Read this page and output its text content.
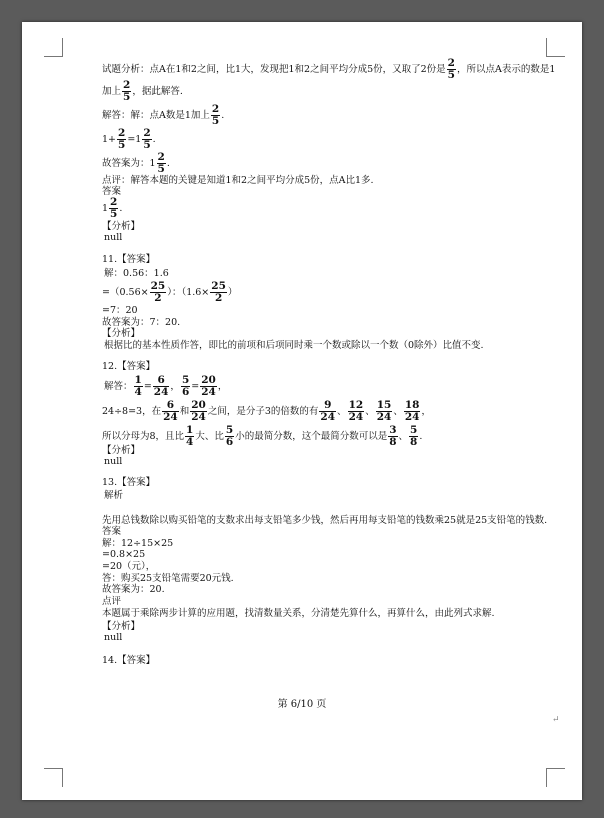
试题分析：点A在1和2之间，比1大，发现把1和2之间平均分成5份，又取了2份是 $\frac{2}{5}$ ，所以点A表示的数是1
加上 $\frac{2}{5}$ ，据此解答.
解答：解：点A数是1加上 $\frac{2}{5}$ .
$1+ \frac{2}{5} =1 \frac{2}{5}$ .
故答案为：$1 \frac{2}{5}$ .
点评：解答本题的关键是知道1和2之间平均分成5份，点A比1多.
答案
$1 \frac{2}{5}$ .
【分析】
null
11.【答案】
解：0.56：1.6
$=(0.56\times \frac{25}{2}$ ）：（$1.6\times \frac{25}{2}$ ）
=7：20
故答案为：7：20.
【分析】
根据比的基本性质作答，即比的前项和后项同时乘一个数或除以一个数（0除外）比值不变.
12.【答案】
解答： $\frac{1}{4} = \frac{6}{24}$ ， $\frac{5}{6} = \frac{20}{24}$ ，
24÷8=3，在 $\frac{6}{24}$ 和 $\frac{20}{24}$ 之间，是分子3的倍数的有 $\frac{9}{24}$ 、 $\frac{12}{24}$ 、 $\frac{15}{24}$ 、 $\frac{18}{24}$ ，
所以分母为8，且比 $\frac{1}{4}$ 大、比 $\frac{5}{6}$ 小的最简分数，这个最简分数可以是 $\frac{3}{8}$ 、 $\frac{5}{8}$ .
【分析】
null
13.【答案】
解析
先用总钱数除以购买铅笔的支数求出每支铅笔多少钱，然后再用每支铅笔的钱数乘25就是25支铅笔的钱数.
答案
解：12÷15×25
=0.8×25
=20（元），
答：购买25支铅笔需要20元钱.
故答案为：20.
点评
本题属于乘除两步计算的应用题，找清数量关系，分清楚先算什么，再算什么，由此列式求解.
【分析】
null
14.【答案】
第 6/10 页
↵
